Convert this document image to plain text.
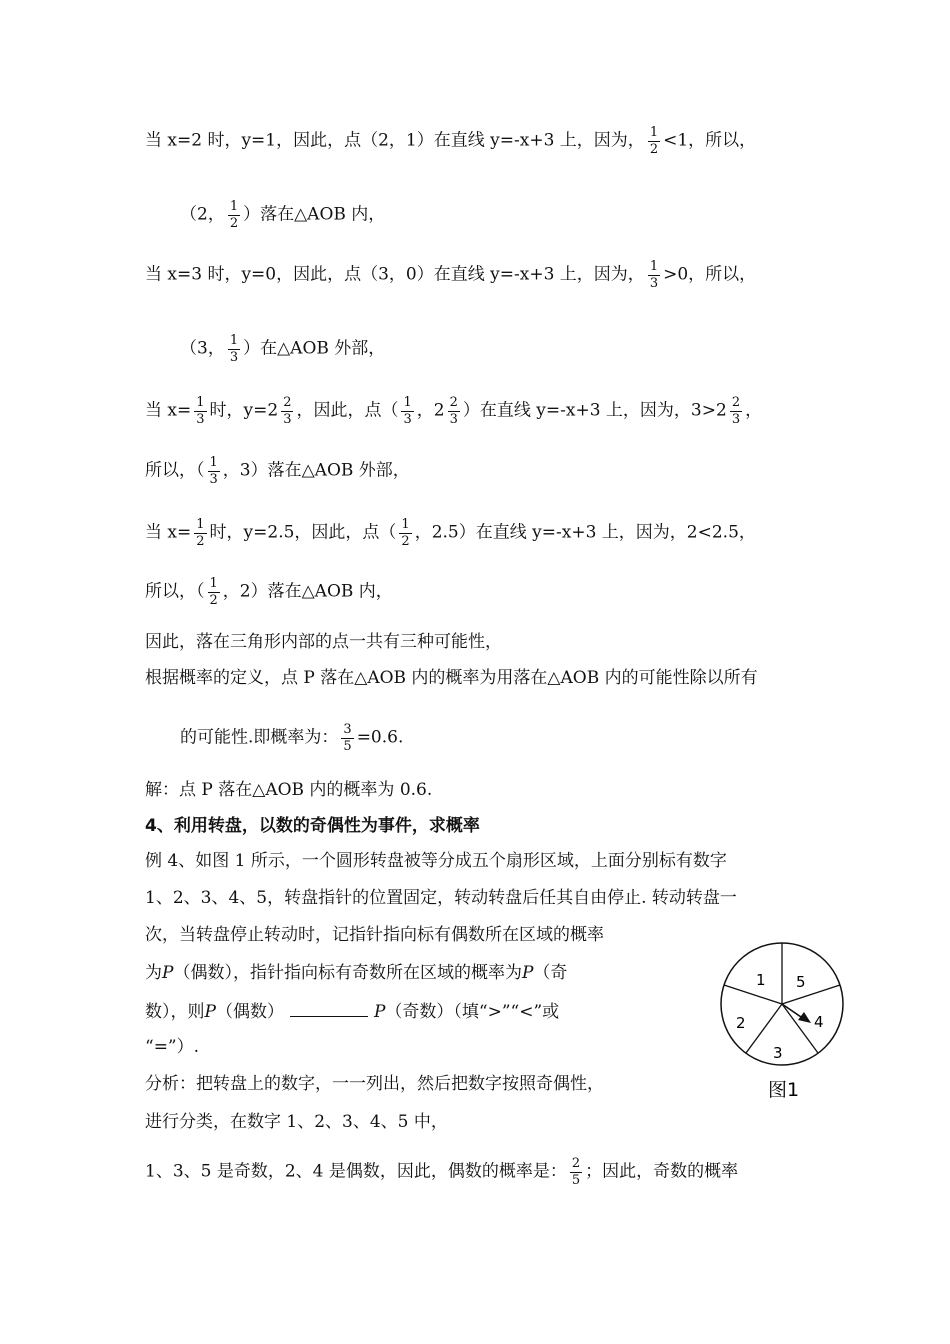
当 x=2 时，y=1，因此，点（2，1）在直线 y=-x+3 上，因为， $\frac{1}{2} <1$，所以，
（2， $\frac{1}{2}$ ）落在△AOB 内，
当 x=3 时，y=0，因此，点（3，0）在直线 y=-x+3 上，因为， $\frac{1}{3} >0$，所以，
（3， $\frac{1}{3}$ ）在△AOB 外部，
当 $x= \frac{1}{3}$ 时，$y=2 \frac{2}{3}$ ，因此，点（ $\frac{1}{3}$ ，$2 \frac{2}{3}$ ）在直线 y=-x+3 上，因为，$3>2 \frac{2}{3}$ ，
所以，（ $\frac{1}{3}$ ，3）落在△AOB 外部，
当 $x= \frac{1}{2}$ 时，y=2.5，因此，点（ $\frac{1}{2}$ ，2.5）在直线 y=-x+3 上，因为，2<2.5，
所以，（ $\frac{1}{2}$ ，2）落在△AOB 内，
因此，落在三角形内部的点一共有三种可能性，
根据概率的定义，点 P 落在△AOB 内的概率为用落在△AOB 内的可能性除以所有
的可能性.即概率为： $\frac{3}{5} =0.6$.
解：点 P 落在△AOB 内的概率为 0.6.
4、利用转盘，以数的奇偶性为事件，求概率
例 4、如图 1 所示，一个圆形转盘被等分成五个扇形区域，上面分别标有数字
1、2、3、4、5，转盘指针的位置固定，转动转盘后任其自由停止. 转动转盘一
次，当转盘停止转动时，记指针指向标有偶数所在区域的概率
为P（偶数），指针指向标有奇数所在区域的概率为P（奇
数），则P（偶数）	P（奇数）（填“>”“<”或
“=”）.
分析：把转盘上的数字，一一列出，然后把数字按照奇偶性，
进行分类，在数字 1、2、3、4、5 中，
1、3、5 是奇数，2、4 是偶数，因此，偶数的概率是： $\frac{2}{5}$ ；因此，奇数的概率
1 5
4
3
2
图1
